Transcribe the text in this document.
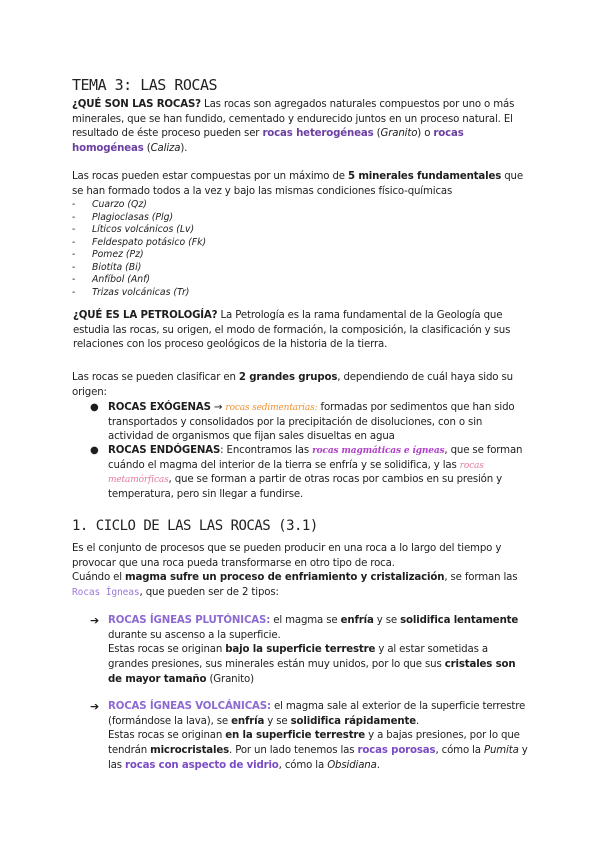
TEMA 3: LAS ROCAS
¿QUÉ SON LAS ROCAS? Las rocas son agregados naturales compuestos por uno o más minerales, que se han fundido, cementado y endurecido juntos en un proceso natural. El resultado de éste proceso pueden ser rocas heterogéneas (Granito) o rocas homogéneas (Caliza).
Las rocas pueden estar compuestas por un máximo de 5 minerales fundamentales que se han formado todos a la vez y bajo las mismas condiciones físico-químicas
- Cuarzo (Qz)
- Plagioclasas (Plg)
- Líticos volcánicos (Lv)
- Feldespato potásico (Fk)
- Pomez (Pz)
- Biotita (Bi)
- Anfíbol (Anf)
- Trizas volcánicas (Tr)
¿QUÉ ES LA PETROLOGÍA? La Petrología es la rama fundamental de la Geología que estudia las rocas, su origen, el modo de formación, la composición, la clasificación y sus relaciones con los proceso geológicos de la historia de la tierra.
Las rocas se pueden clasificar en 2 grandes grupos, dependiendo de cuál haya sido su origen:
● ROCAS EXÓGENAS → rocas sedimentarias: formadas por sedimentos que han sido transportados y consolidados por la precipitación de disoluciones, con o sin actividad de organismos que fijan sales disueltas en agua
● ROCAS ENDÓGENAS: Encontramos las rocas magmáticas e ígneas, que se forman cuándo el magma del interior de la tierra se enfría y se solidifica, y las rocas metamórficas, que se forman a partir de otras rocas por cambios en su presión y temperatura, pero sin llegar a fundirse.
1. CICLO DE LAS LAS ROCAS (3.1)
Es el conjunto de procesos que se pueden producir en una roca a lo largo del tiempo y provocar que una roca pueda transformarse en otro tipo de roca.
Cuándo el magma sufre un proceso de enfriamiento y cristalización, se forman las Rocas Ígneas, que pueden ser de 2 tipos:
➔ ROCAS ÍGNEAS PLUTÓNICAS: el magma se enfría y se solidifica lentamente durante su ascenso a la superficie.
Estas rocas se originan bajo la superficie terrestre y al estar sometidas a grandes presiones, sus minerales están muy unidos, por lo que sus cristales son de mayor tamaño (Granito)
➔ ROCAS ÍGNEAS VOLCÁNICAS: el magma sale al exterior de la superficie terrestre (formándose la lava), se enfría y se solidifica rápidamente.
Estas rocas se originan en la superficie terrestre y a bajas presiones, por lo que tendrán microcristales. Por un lado tenemos las rocas porosas, cómo la Pumita y las rocas con aspecto de vidrio, cómo la Obsidiana.
